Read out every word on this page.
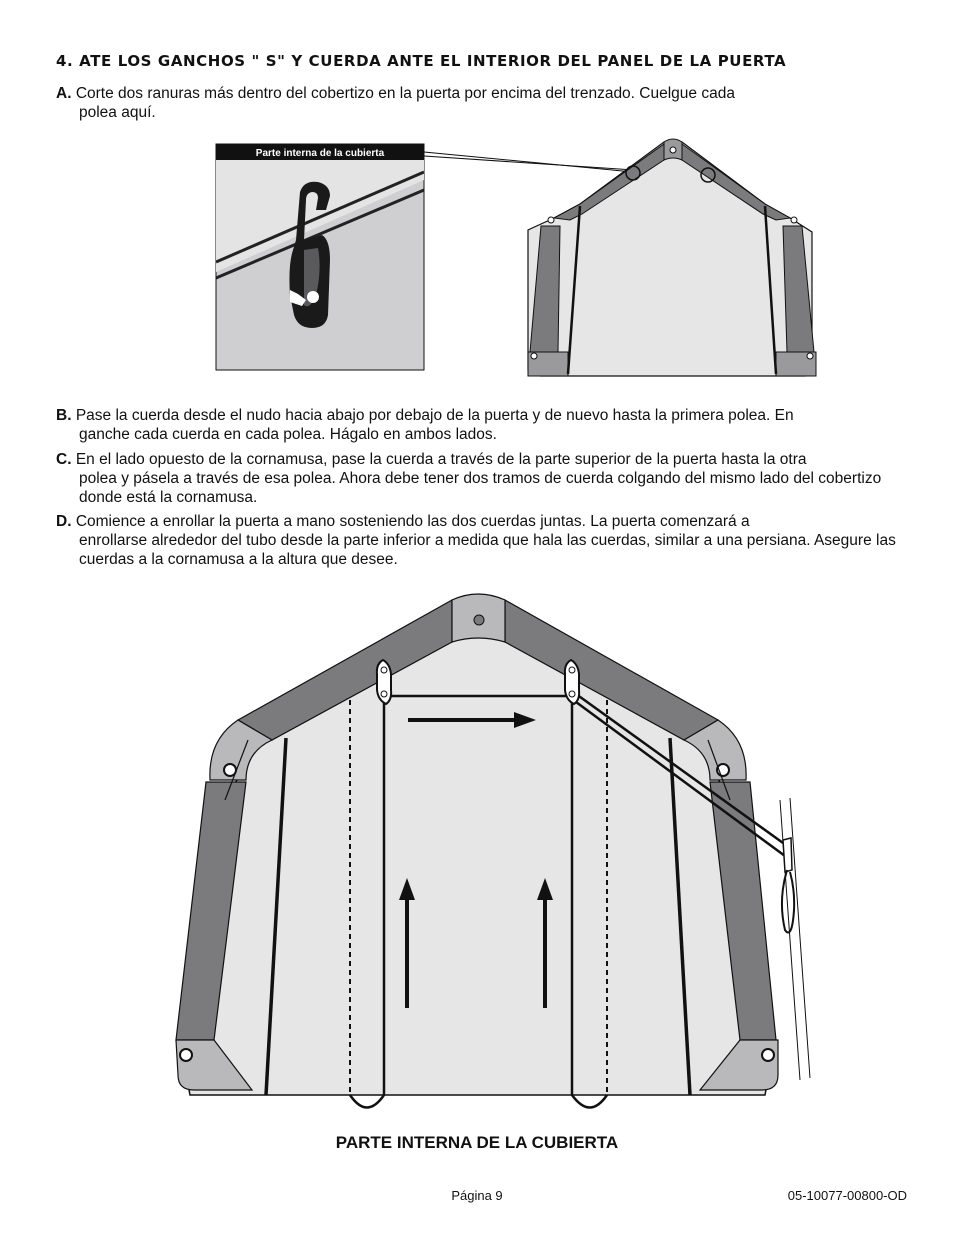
4. ATE LOS GANCHOS " S" Y CUERDA ANTE EL INTERIOR DEL PANEL DE LA PUERTA
A. Corte dos ranuras más dentro del cobertizo en la puerta por encima del trenzado. Cuelgue cada
polea aquí.
Parte interna de la cubierta
B. Pase la cuerda desde el nudo hacia abajo por debajo de la puerta y de nuevo hasta la primera polea. En
ganche cada cuerda en cada polea. Hágalo en ambos lados.
C. En el lado opuesto de la cornamusa, pase la cuerda a través de la parte superior de la puerta hasta la otra
polea y pásela a través de esa polea. Ahora debe tener dos tramos de cuerda colgando del mismo lado del cobertizo donde está la cornamusa.
D. Comience a enrollar la puerta a mano sosteniendo las dos cuerdas juntas. La puerta comenzará a
enrollarse alrededor del tubo desde la parte inferior a medida que hala las cuerdas, similar a una persiana. Asegure las cuerdas a la cornamusa a la altura que desee.
PARTE INTERNA DE LA CUBIERTA
Página 9	05-10077-00800-OD
